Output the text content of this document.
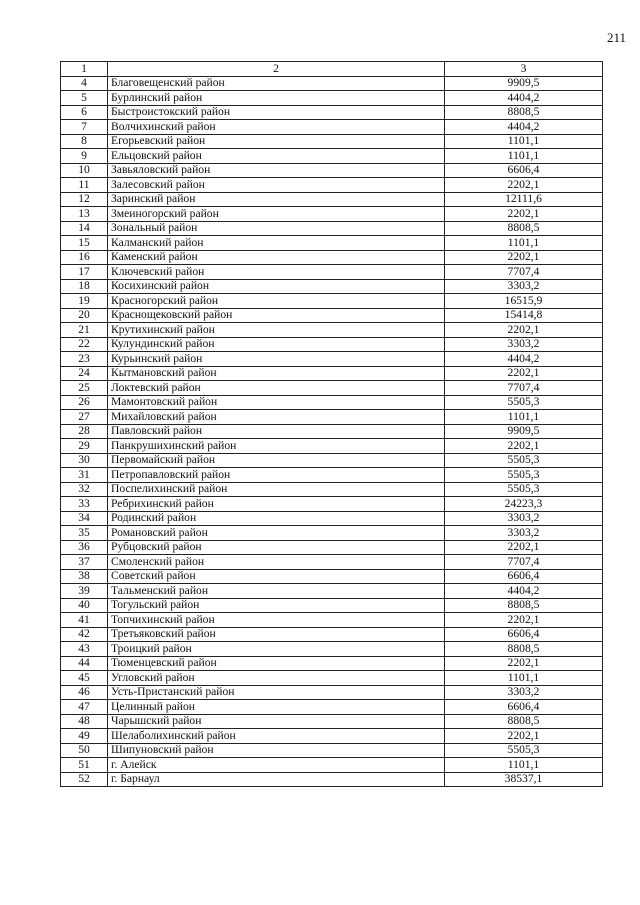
211
1	2	3
4	Благовещенский район	9909,5
5	Бурлинский район	4404,2
6	Быстроистокский район	8808,5
7	Волчихинский район	4404,2
8	Егорьевский район	1101,1
9	Ельцовский район	1101,1
10	Завьяловский район	6606,4
11	Залесовский район	2202,1
12	Заринский район	12111,6
13	Змеиногорский район	2202,1
14	Зональный район	8808,5
15	Калманский район	1101,1
16	Каменский район	2202,1
17	Ключевский район	7707,4
18	Косихинский район	3303,2
19	Красногорский район	16515,9
20	Краснощековский район	15414,8
21	Крутихинский район	2202,1
22	Кулундинский район	3303,2
23	Курьинский район	4404,2
24	Кытмановский район	2202,1
25	Локтевский район	7707,4
26	Мамонтовский район	5505,3
27	Михайловский район	1101,1
28	Павловский район	9909,5
29	Панкрушихинский район	2202,1
30	Первомайский район	5505,3
31	Петропавловский район	5505,3
32	Поспелихинский район	5505,3
33	Ребрихинский район	24223,3
34	Родинский район	3303,2
35	Романовский район	3303,2
36	Рубцовский район	2202,1
37	Смоленский район	7707,4
38	Советский район	6606,4
39	Тальменский район	4404,2
40	Тогульский район	8808,5
41	Топчихинский район	2202,1
42	Третьяковский район	6606,4
43	Троицкий район	8808,5
44	Тюменцевский район	2202,1
45	Угловский район	1101,1
46	Усть-Пристанский район	3303,2
47	Целинный район	6606,4
48	Чарышский район	8808,5
49	Шелаболихинский район	2202,1
50	Шипуновский район	5505,3
51	г. Алейск	1101,1
52	г. Барнаул	38537,1
